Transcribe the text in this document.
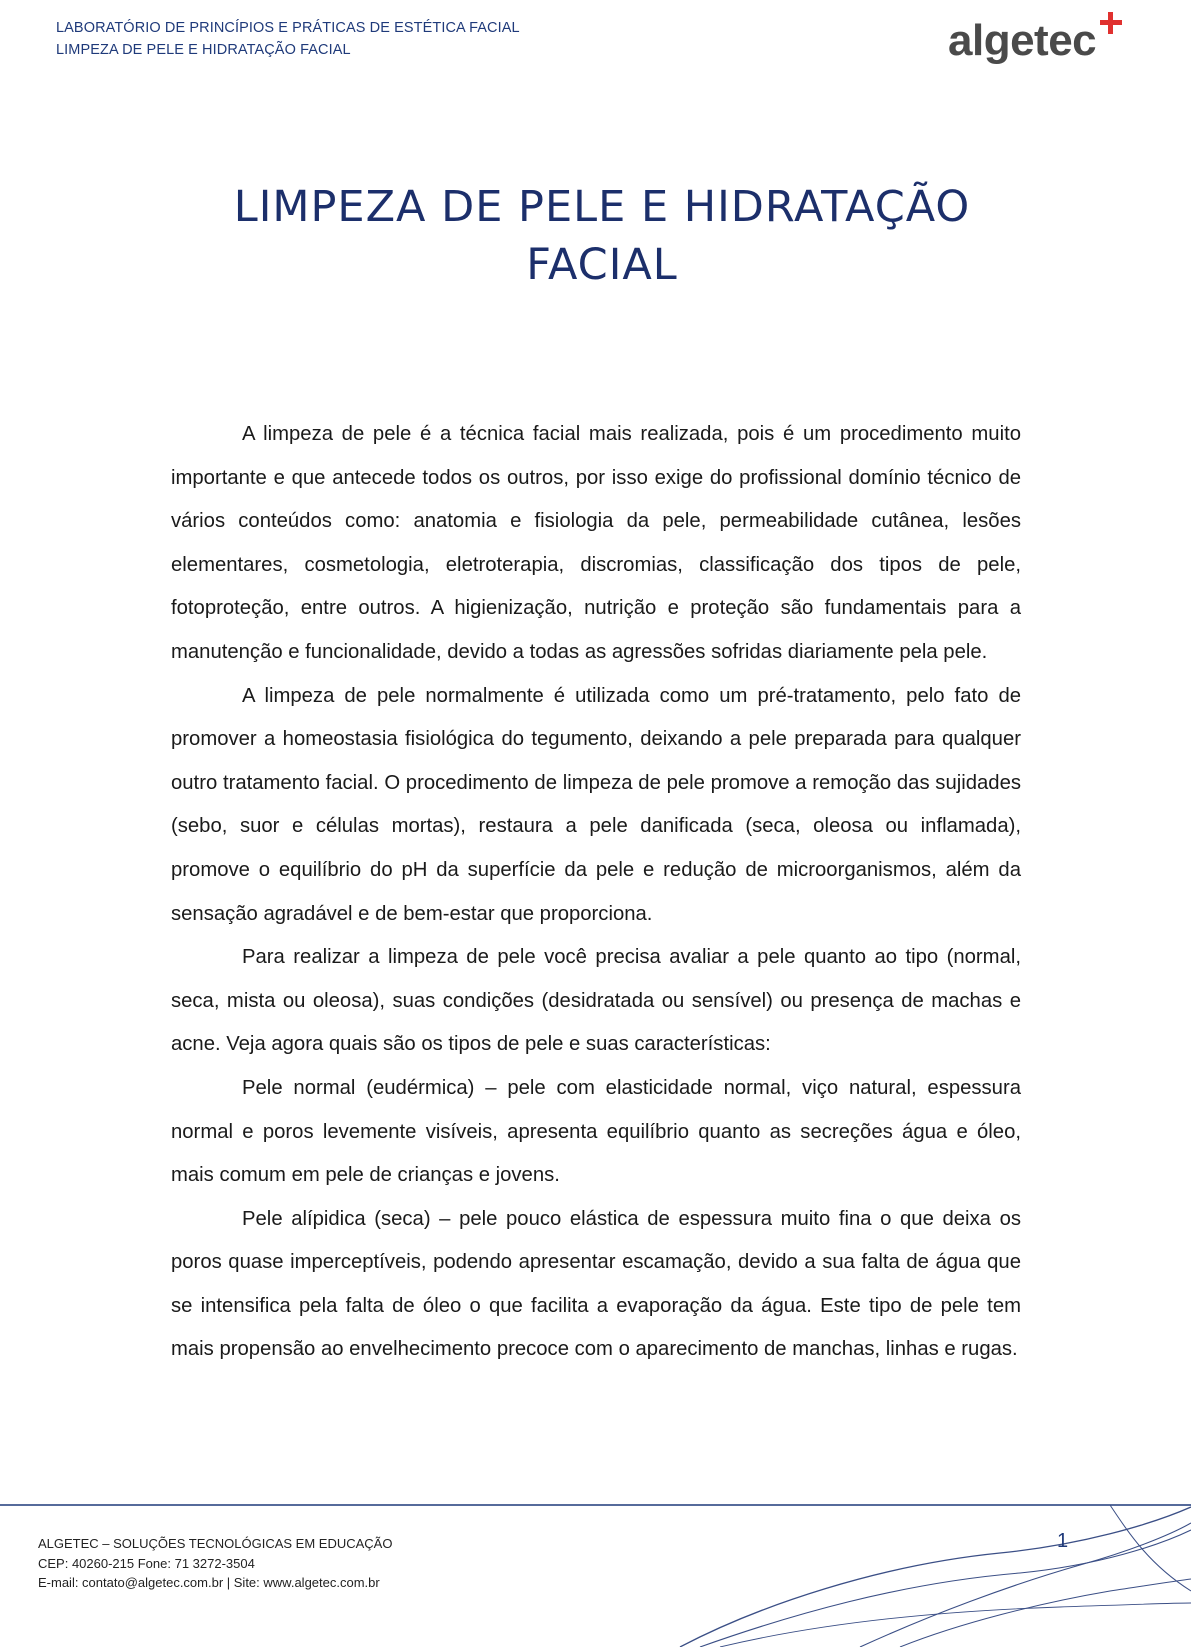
LABORATÓRIO DE PRINCÍPIOS E PRÁTICAS DE ESTÉTICA FACIAL
LIMPEZA DE PELE E HIDRATAÇÃO FACIAL	algetec
LIMPEZA DE PELE E HIDRATAÇÃO
FACIAL

A limpeza de pele é a técnica facial mais realizada, pois é um procedimento muito importante e que antecede todos os outros, por isso exige do profissional domínio técnico de vários conteúdos como: anatomia e fisiologia da pele, permeabilidade cutânea, lesões elementares, cosmetologia, eletroterapia, discromias, classificação dos tipos de pele, fotoproteção, entre outros. A higienização, nutrição e proteção são fundamentais para a manutenção e funcionalidade, devido a todas as agressões sofridas diariamente pela pele.

A limpeza de pele normalmente é utilizada como um pré-tratamento, pelo fato de promover a homeostasia fisiológica do tegumento, deixando a pele preparada para qualquer outro tratamento facial. O procedimento de limpeza de pele promove a remoção das sujidades (sebo, suor e células mortas), restaura a pele danificada (seca, oleosa ou inflamada), promove o equilíbrio do pH da superfície da pele e redução de microorganismos, além da sensação agradável e de bem-estar que proporciona.

Para realizar a limpeza de pele você precisa avaliar a pele quanto ao tipo (normal, seca, mista ou oleosa), suas condições (desidratada ou sensível) ou presença de machas e acne. Veja agora quais são os tipos de pele e suas características:

Pele normal (eudérmica) – pele com elasticidade normal, viço natural, espessura normal e poros levemente visíveis, apresenta equilíbrio quanto as secreções água e óleo, mais comum em pele de crianças e jovens.

Pele alípidica (seca) – pele pouco elástica de espessura muito fina o que deixa os poros quase imperceptíveis, podendo apresentar escamação, devido a sua falta de água que se intensifica pela falta de óleo o que facilita a evaporação da água. Este tipo de pele tem mais propensão ao envelhecimento precoce com o aparecimento de manchas, linhas e rugas.

1
ALGETEC – SOLUÇÕES TECNOLÓGICAS EM EDUCAÇÃO
CEP: 40260-215 Fone: 71 3272-3504
E-mail: contato@algetec.com.br | Site: www.algetec.com.br
